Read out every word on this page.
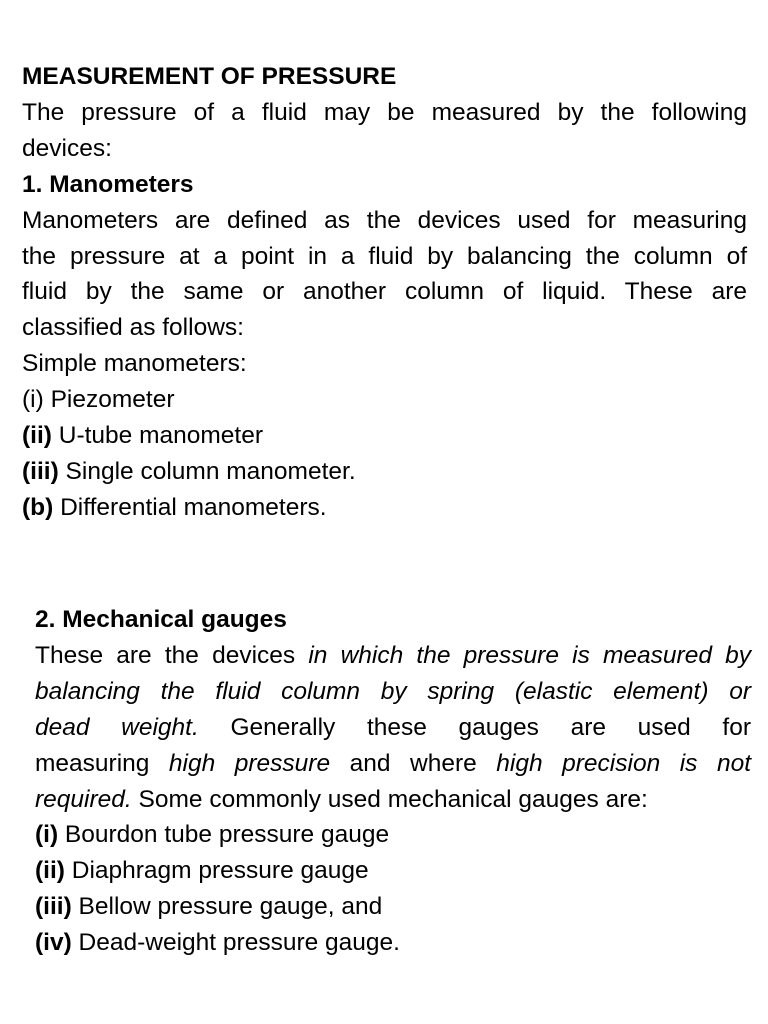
MEASUREMENT OF PRESSURE

The pressure of a fluid may be measured by the following

devices:

1. Manometers

Manometers are defined as the devices used for measuring

the pressure at a point in a fluid by balancing the column of

fluid by the same or another column of liquid. These are

classified as follows:

Simple manometers:

(i) Piezometer

(ii) U-tube manometer

(iii) Single column manometer.

(b) Differential manometers.

2. Mechanical gauges

These are the devices in which the pressure is measured by

balancing the fluid column by spring (elastic element) or

dead weight. Generally these gauges are used for

measuring high pressure and where high precision is not

required. Some commonly used mechanical gauges are:

(i) Bourdon tube pressure gauge

(ii) Diaphragm pressure gauge

(iii) Bellow pressure gauge, and

(iv) Dead-weight pressure gauge.
